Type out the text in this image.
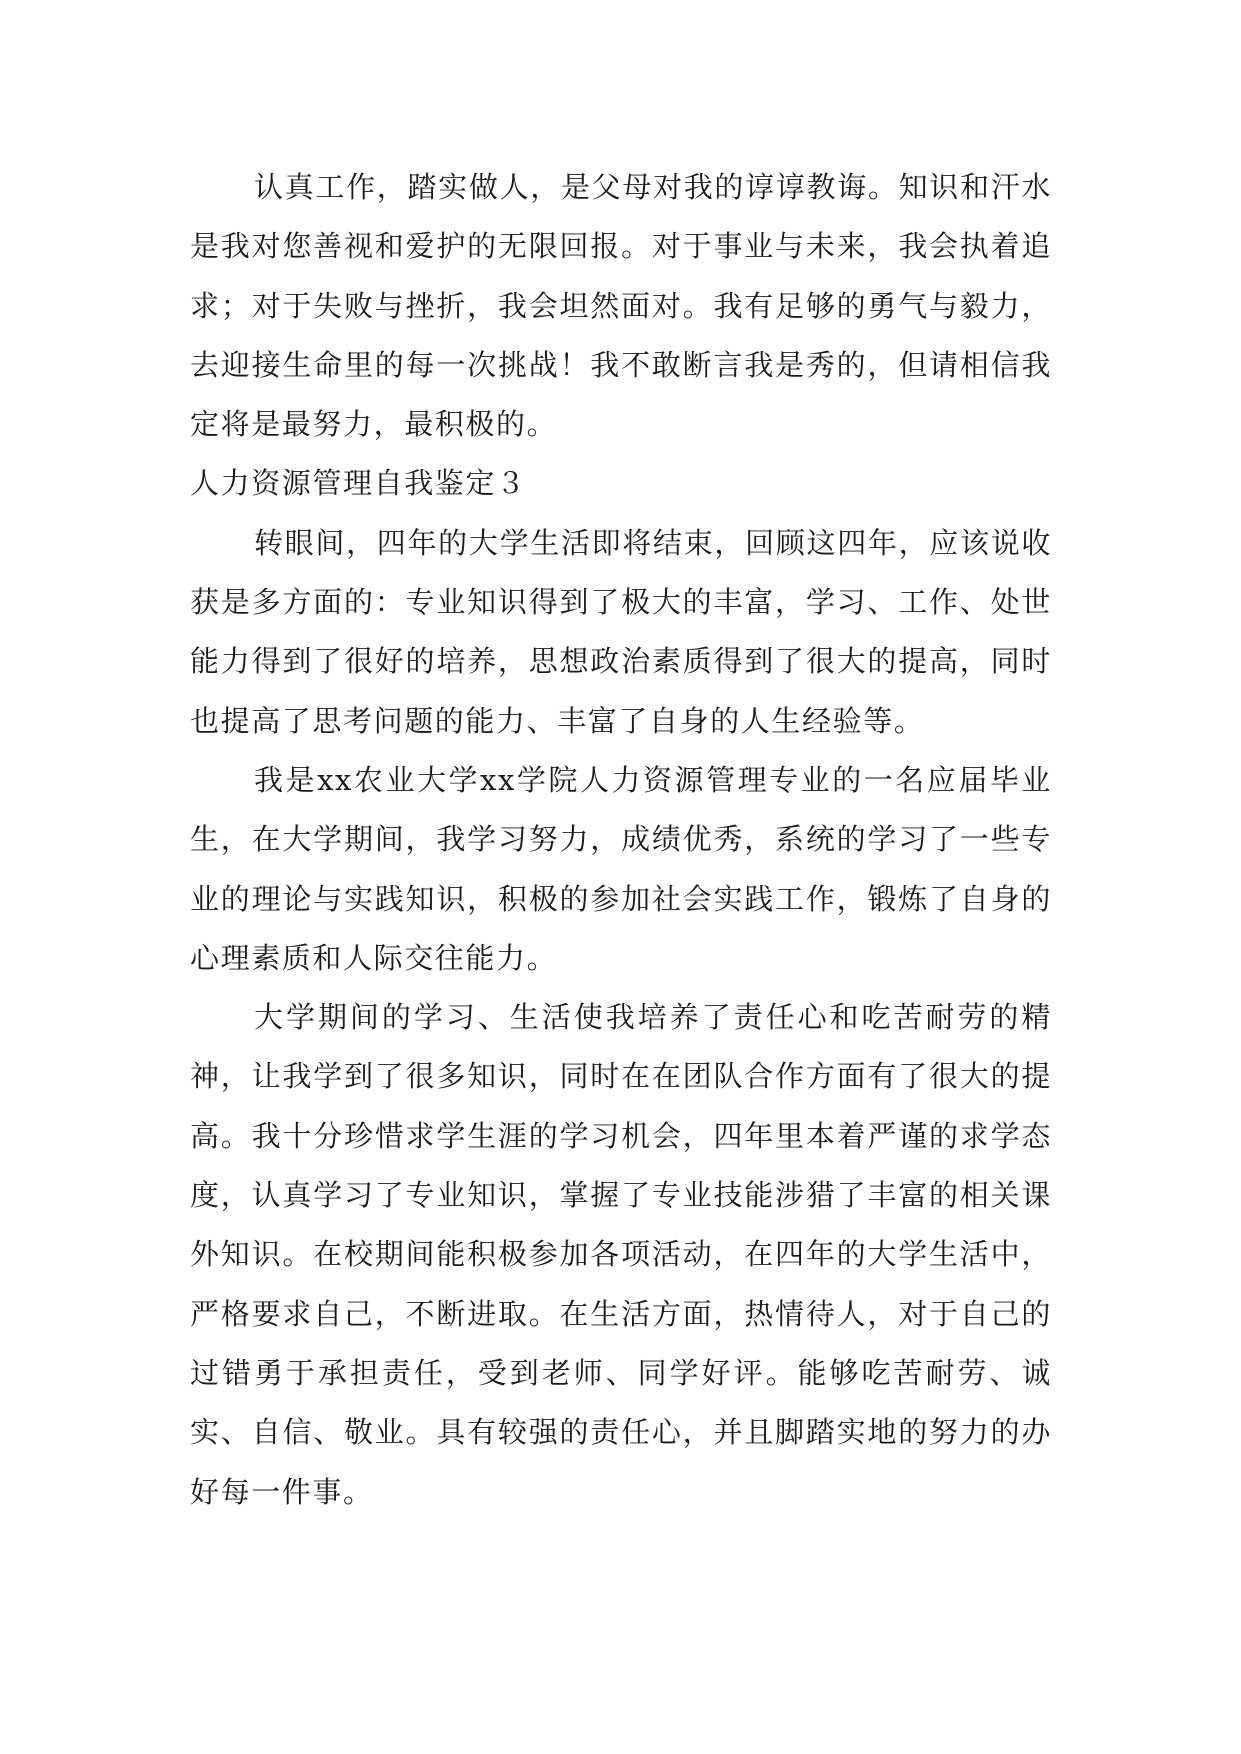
认真工作，踏实做人，是父母对我的谆谆教诲。知识和汗水是我对您善视和爱护的无限回报。对于事业与未来，我会执着追求；对于失败与挫折，我会坦然面对。我有足够的勇气与毅力，去迎接生命里的每一次挑战！我不敢断言我是秀的，但请相信我定将是最努力，最积极的。

人力资源管理自我鉴定３

转眼间，四年的大学生活即将结束，回顾这四年，应该说收获是多方面的：专业知识得到了极大的丰富，学习、工作、处世能力得到了很好的培养，思想政治素质得到了很大的提高，同时也提高了思考问题的能力、丰富了自身的人生经验等。

我是xx农业大学xx学院人力资源管理专业的一名应届毕业生，在大学期间，我学习努力，成绩优秀，系统的学习了一些专业的理论与实践知识，积极的参加社会实践工作，锻炼了自身的心理素质和人际交往能力。

大学期间的学习、生活使我培养了责任心和吃苦耐劳的精神，让我学到了很多知识，同时在在团队合作方面有了很大的提高。我十分珍惜求学生涯的学习机会，四年里本着严谨的求学态度，认真学习了专业知识，掌握了专业技能涉猎了丰富的相关课外知识。在校期间能积极参加各项活动，在四年的大学生活中，严格要求自己，不断进取。在生活方面，热情待人，对于自己的过错勇于承担责任，受到老师、同学好评。能够吃苦耐劳、诚实、自信、敬业。具有较强的责任心，并且脚踏实地的努力的办好每一件事。
